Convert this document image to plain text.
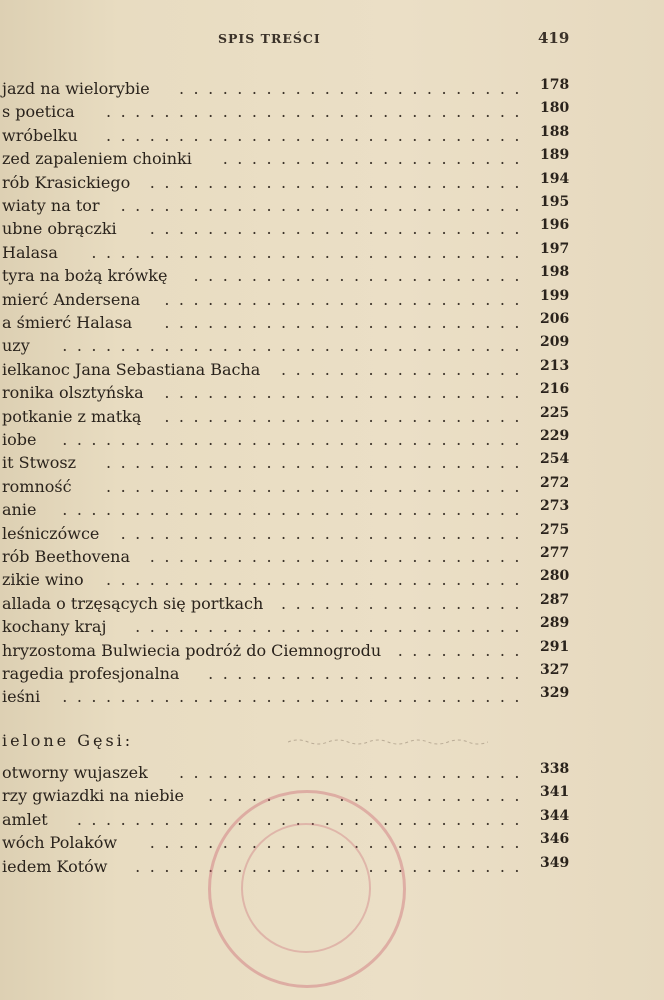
SPIS TREŚCI	419
jazd na wielorybie	........................ 178
s poetica	............................. 180
wróbelku	............................. 188
zed zapaleniem choinki	..................... 189
rób Krasickiego	.......................... 194
wiaty na tor	............................ 195
ubne obrączki	.......................... 196
Halasa	.............................. 197
tyra na bożą krówkę	....................... 198
mierć Andersena	......................... 199
a śmierć Halasa	......................... 206
uzy	................................ 209
ielkanoc Jana Sebastiana Bacha	................. 213
ronika olsztyńska	......................... 216
potkanie z matką	......................... 225
iobe	................................ 229
it Stwosz	............................. 254
romność	............................. 272
anie	................................ 273
leśniczówce	............................ 275
rób Beethovena	.......................... 277
zikie wino	............................. 280
allada o trzęsących się portkach	................. 287
kochany kraj	........................... 289
hryzostoma Bulwiecia podróż do Ciemnogrodu	......... 291
ragedia profesjonalna	...................... 327
ieśni	................................ 329
ielone Gęsi:
otworny wujaszek	........................ 338
rzy gwiazdki na niebie	...................... 341
amlet	............................... 344
wóch Polaków	.......................... 346
iedem Kotów	........................... 349
